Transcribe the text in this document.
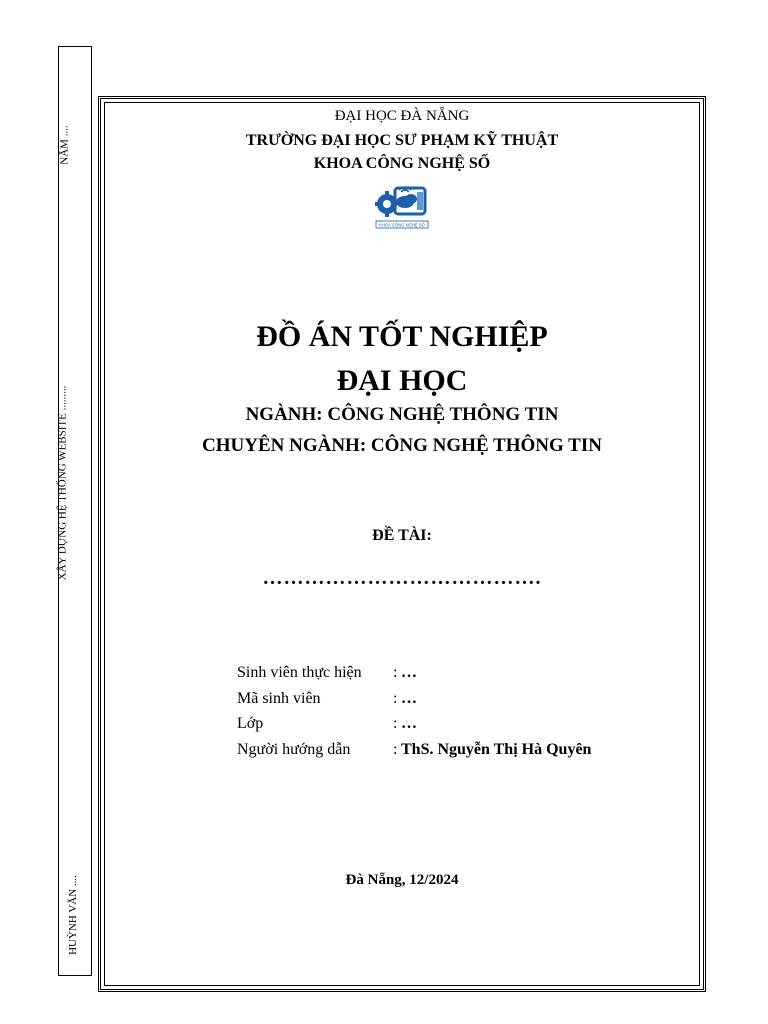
NĂM ....
XÂY DỰNG HỆ THỐNG WEBSITE .........
HUỲNH VĂN ....
ĐẠI HỌC ĐÀ NẴNG
TRƯỜNG ĐẠI HỌC SƯ PHẠM KỸ THUẬT
KHOA CÔNG NGHỆ SỐ
KHOA CÔNG NGHỆ SỐ
ĐỒ ÁN TỐT NGHIỆP
ĐẠI HỌC
NGÀNH: CÔNG NGHỆ THÔNG TIN
CHUYÊN NGÀNH: CÔNG NGHỆ THÔNG TIN
ĐỀ TÀI:
………………………………….
Sinh viên thực hiện	: …
Mã sinh viên	: …
Lớp	: …
Người hướng dẫn	: ThS. Nguyễn Thị Hà Quyên
Đà Nẵng, 12/2024
